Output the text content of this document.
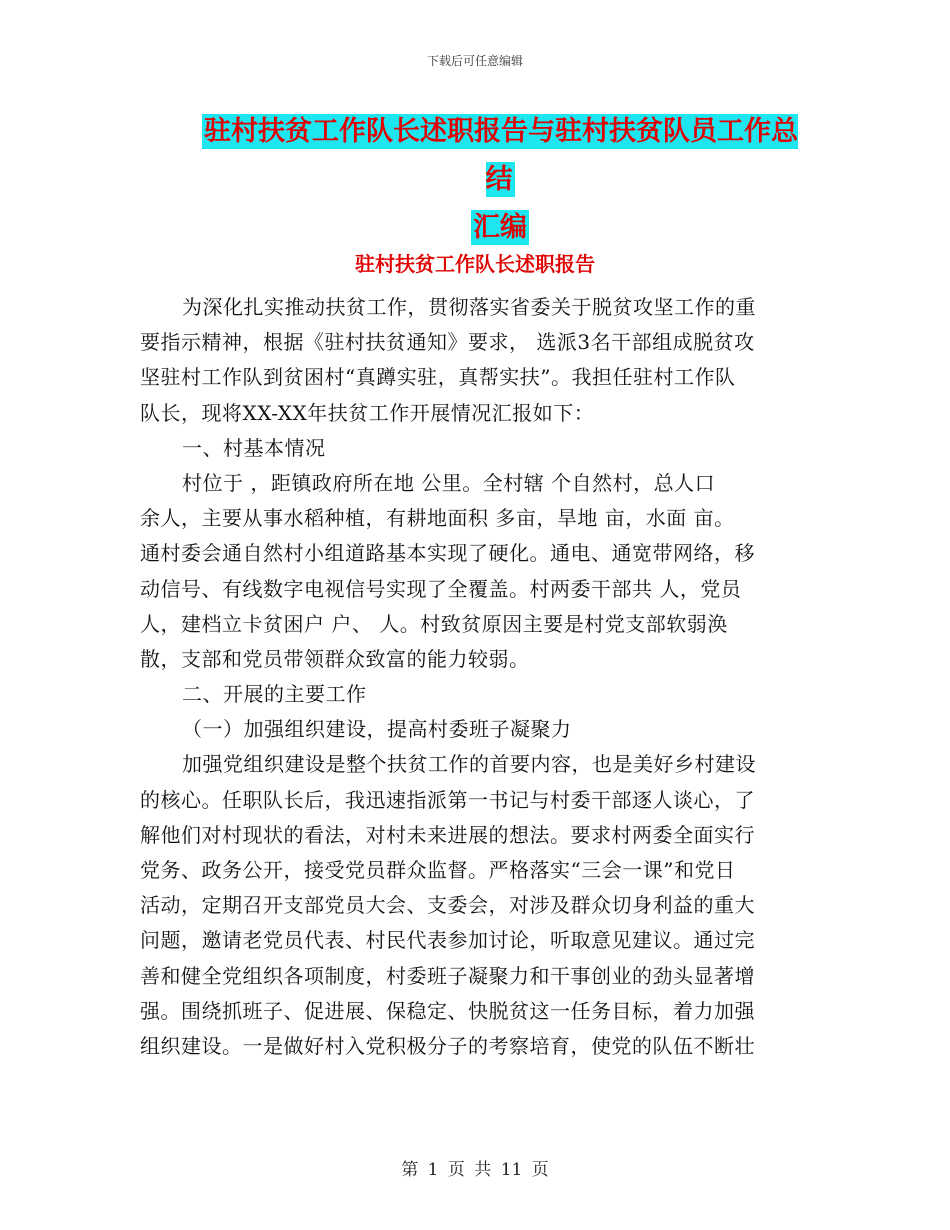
下载后可任意编辑
驻村扶贫工作队长述职报告与驻村扶贫队员工作总结
汇编
驻村扶贫工作队长述职报告
为深化扎实推动扶贫工作，贯彻落实省委关于脱贫攻坚工作的重
要指示精神，根据《驻村扶贫通知》要求， 选派3名干部组成脱贫攻
坚驻村工作队到贫困村“真蹲实驻，真帮实扶”。我担任驻村工作队
队长，现将XX-XX年扶贫工作开展情况汇报如下：
一、村基本情况
村位于 ，距镇政府所在地 公里。全村辖 个自然村，总人口
余人，主要从事水稻种植，有耕地面积 多亩，旱地 亩，水面 亩。
通村委会通自然村小组道路基本实现了硬化。通电、通宽带网络，移
动信号、有线数字电视信号实现了全覆盖。村两委干部共 人，党员
人，建档立卡贫困户 户、 人。村致贫原因主要是村党支部软弱涣
散，支部和党员带领群众致富的能力较弱。
二、开展的主要工作
（一）加强组织建设，提高村委班子凝聚力
加强党组织建设是整个扶贫工作的首要内容，也是美好乡村建设
的核心。任职队长后，我迅速指派第一书记与村委干部逐人谈心，了
解他们对村现状的看法，对村未来进展的想法。要求村两委全面实行
党务、政务公开，接受党员群众监督。严格落实“三会一课”和党日
活动，定期召开支部党员大会、支委会，对涉及群众切身利益的重大
问题，邀请老党员代表、村民代表参加讨论，听取意见建议。通过完
善和健全党组织各项制度，村委班子凝聚力和干事创业的劲头显著增
强。围绕抓班子、促进展、保稳定、快脱贫这一任务目标，着力加强
组织建设。一是做好村入党积极分子的考察培育，使党的队伍不断壮
第 1 页 共 11 页
